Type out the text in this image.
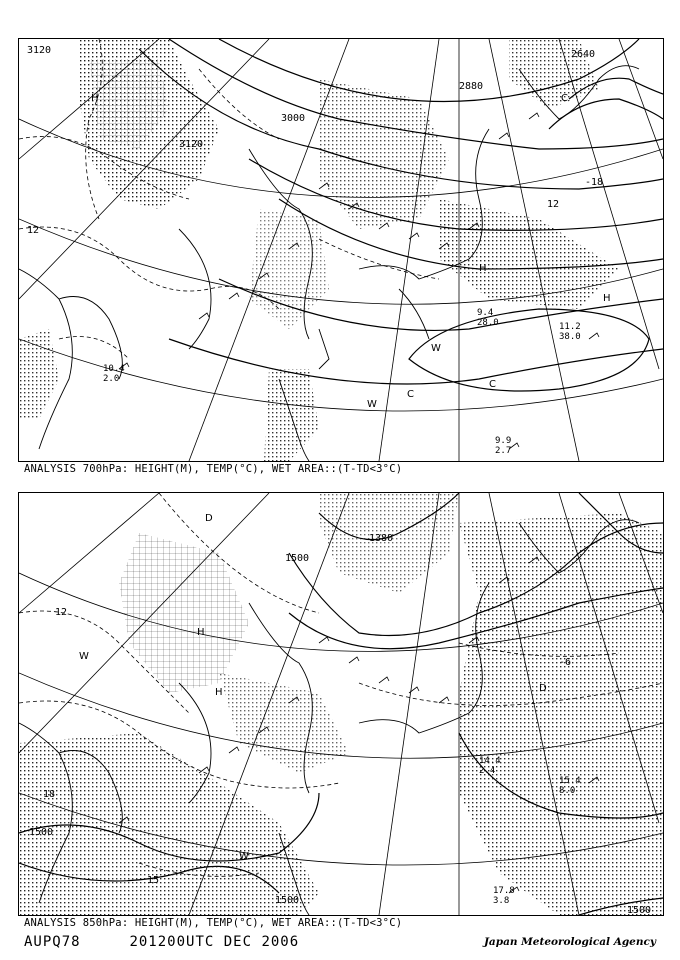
3120
3120
3000
2880
2640
12
12
-18
H
H
H
W
W
C
C
C
11.2
38.0
9.4
28.0
9.9
2.7
10.4
2.0
ANALYSIS 700hPa: HEIGHT(M), TEMP(°C), WET AREA::(T-TD<3°C)
1500
1500
1500
1500
1380
12
18
15
-6
H
H
W
W
D
D
17.8
3.8
15.4
8.0
14.4
2.4
ANALYSIS 850hPa: HEIGHT(M), TEMP(°C), WET AREA::(T-TD<3°C)
AUPQ78	201200UTC DEC 2006	Japan Meteorological Agency
